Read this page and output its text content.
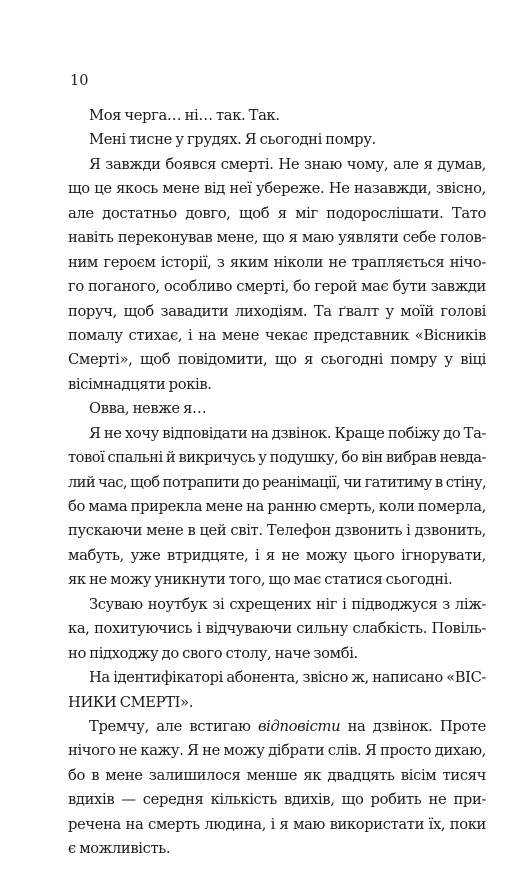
10
Моя черга… ні… так. Так.
Мені тисне у грудях. Я сьогодні помру.
Я завжди боявся смерті. Не знаю чому, але я думав,
що це якось мене від неї убереже. Не назавжди, звісно,
але достатньо довго, щоб я міг подорослішати. Тато
навіть переконував мене, що я маю уявляти себе голов-
ним героєм історії, з яким ніколи не трапляється нічо-
го поганого, особливо смерті, бо герой має бути завжди
поруч, щоб завадити лиходіям. Та ґвалт у моїй голові
помалу стихає, і на мене чекає представник «Вісників
Смерті», щоб повідомити, що я сьогодні помру у віці
вісімнадцяти років.
Овва, невже я…
Я не хочу відповідати на дзвінок. Краще побіжу до Та-
тової спальні й викричусь у подушку, бо він вибрав невда-
лий час, щоб потрапити до реанімації, чи гатитиму в стіну,
бо мама прирекла мене на ранню смерть, коли померла,
пускаючи мене в цей світ. Телефон дзвонить і дзвонить,
мабуть, уже втридцяте, і я не можу цього ігнорувати,
як не можу уникнути того, що має статися сьогодні.
Зсуваю ноутбук зі схрещених ніг і підводжуся з ліж-
ка, похитуючись і відчуваючи сильну слабкість. Повіль-
но підходжу до свого столу, наче зомбі.
На ідентифікаторі абонента, звісно ж, написано «ВІС-
НИКИ СМЕРТІ».
Тремчу, але встигаю відповісти на дзвінок. Проте
нічого не кажу. Я не можу дібрати слів. Я просто дихаю,
бо в мене залишилося менше як двадцять вісім тисяч
вдихів — середня кількість вдихів, що робить не при-
речена на смерть людина, і я маю використати їх, поки
є можливість.
